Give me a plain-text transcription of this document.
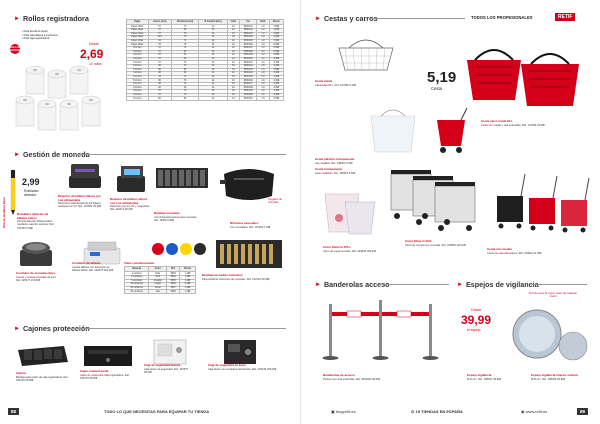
► Rollos registradora
• Para tienda de tiquet
• Para calculadora e impresora
• Para caja registradora
ROLLOS AHORRO
Desde
2,69
10 rollos
Papel	Ancho (mm)	Ø bobina (mm)	Ø mandril (mm)	Unid.	Ud.	Unid.	Precio
Papel offset	57	70	12	10	9530131	1.0	2,69€
Papel offset	57	60	12	10	9530132	1.0	2,69€
Papel offset	57	70	12	10	9530133	1.0	2,69€
Papel offset	101	70	12	10	9530134	1.0	3,69€
Papel offset	44	70	12	10	9530135	1.0	2,99€
Papel offset	57	70	12	10	9530136	1.0	2,69€
Térmico	57	70	12	10	9530137	1.0	2,99€
Térmico	57	40	12	10	9530138	1.0	2,69€
Térmico	57	55	12	10	9530139	1.0	2,89€
Térmico	57	62	12	10	9530140	1.0	2,99€
Térmico	57	70	12	10	9530141	1.0	3,19€
Térmico	80	70	12	10	9530142	1.0	3,49€
Térmico	80	80	12	10	9530143	1.0	3,69€
Térmico	80	60	12	10	9530144	1.0	3,29€
Térmico	44	70	12	10	9530145	1.0	2,99€
Térmico	60	70	12	10	9530146	1.0	3,19€
Térmico	80	70	12	10	9530147	1.0	3,49€
Térmico	60	40	12	10	9530148	1.0	2,69€
Térmico	57	70	12	10	9530149	1.0	3,19€
Térmico	57	70	12	10	9530150	1.0	3,19€
Térmico	80	80	12	10	9530151	1.0	3,69€
► Gestión de moneda
Detector de billetes falsos
2,99
Rotulador detector
Rotulador detector de billetes falsos
Permite detectar billetes falsos mediante reacción química. Ref. 197939 2,99€
Detector de billetes falsos por Luz ultravioleta
Detecta la autenticidad de los billetes mediante luz UV. Ref. 197891 39,99€
Detector de billetes falsos con Luz ultravioleta
Detección por luz UV y magnética. Ref. 222071 99,00€
Bandeja monedas
Con 8 departamentos para monedas. Ref. 18100 8,99€
Cargador de monedas
Riñonera monedero
Con cremallera. Ref. 197906 7,29€
Contador de monedas Euro
Cuenta y separa monedas de euro. Ref. 226577 219,00€
Contador de billetes
Cuenta billetes con detección de billetes falsos. Ref. 229075 169,00€
Tubos portamonedas
Moneda	Color	Ref.	Precio
1 céntimo	Rojo	9593	1,49€
2 céntimos	Azul	9594	1,49€
5 céntimos	Amarillo	9595	1,49€
10 céntimos	Negro	9596	1,49€
20 céntimos	Verde	9597	1,49€
50 céntimos	Gris	9598	1,49€
Bandeja monedas cartuchos
Para clasificar cartuchos de monedas. Ref. 197913 59,99€
► Cajones protección
Interior
Bandeja para cajón de caja registradora. Ref. 182163 29,99€
Cajón manual metal
Cajón de metal para caja registradora. Ref. 182170 99,00€
Caja de seguridad blanca
Caja fuerte de seguridad. Ref. 197875 99,00€
Caja de seguridad en Euro
Caja fuerte con cerradura electrónica. Ref. 229136 189,00€
88	TODO LO QUE NECESITAS PARA EQUIPAR TU TIENDA
► Cestas y carros	TODOS LOS PROFESIONALES	RETIF
Cesta metal
Capacidad 20 L. Ref. 197982 5,19€	5,19
Cesta
Cesta carro metal 22 L
Cesta con ruedas y asa extensible. Ref. 197999 19,99€
Cesta plástico transparente
Asa metálica. Ref. 198002 6,99€
Cesta transparente
Asas metálicas. Ref. 198019 5,99€
Carro Shop'in 155 L
Carro de supermercado. Ref. 230828 189,00€
Carro Shop in Roll
Carro de compra con 4 ruedas. Ref. 230835 149,00€
Cesta con ruedas
Cesta con asa telescópica. Ref. 230842 21,99€
► Banderolas acceso
Banderolas de acceso
Postes con cinta extensible. Ref. 9533004 99,00€
► Espejos de vigilancia
Permite tener la mayor visión de cualquier rincón
Desde
39,99
el espejo
Espejo vigilancia
Ø 40 cm. Ref. 198057 39,99€
Espejo vigilancia interior exterior
Ø 60 cm. Ref. 198064 59,99€
▣ blogretif.es	⊙ 19 TIENDAS EN ESPAÑA	◉ www.retif.es	89
